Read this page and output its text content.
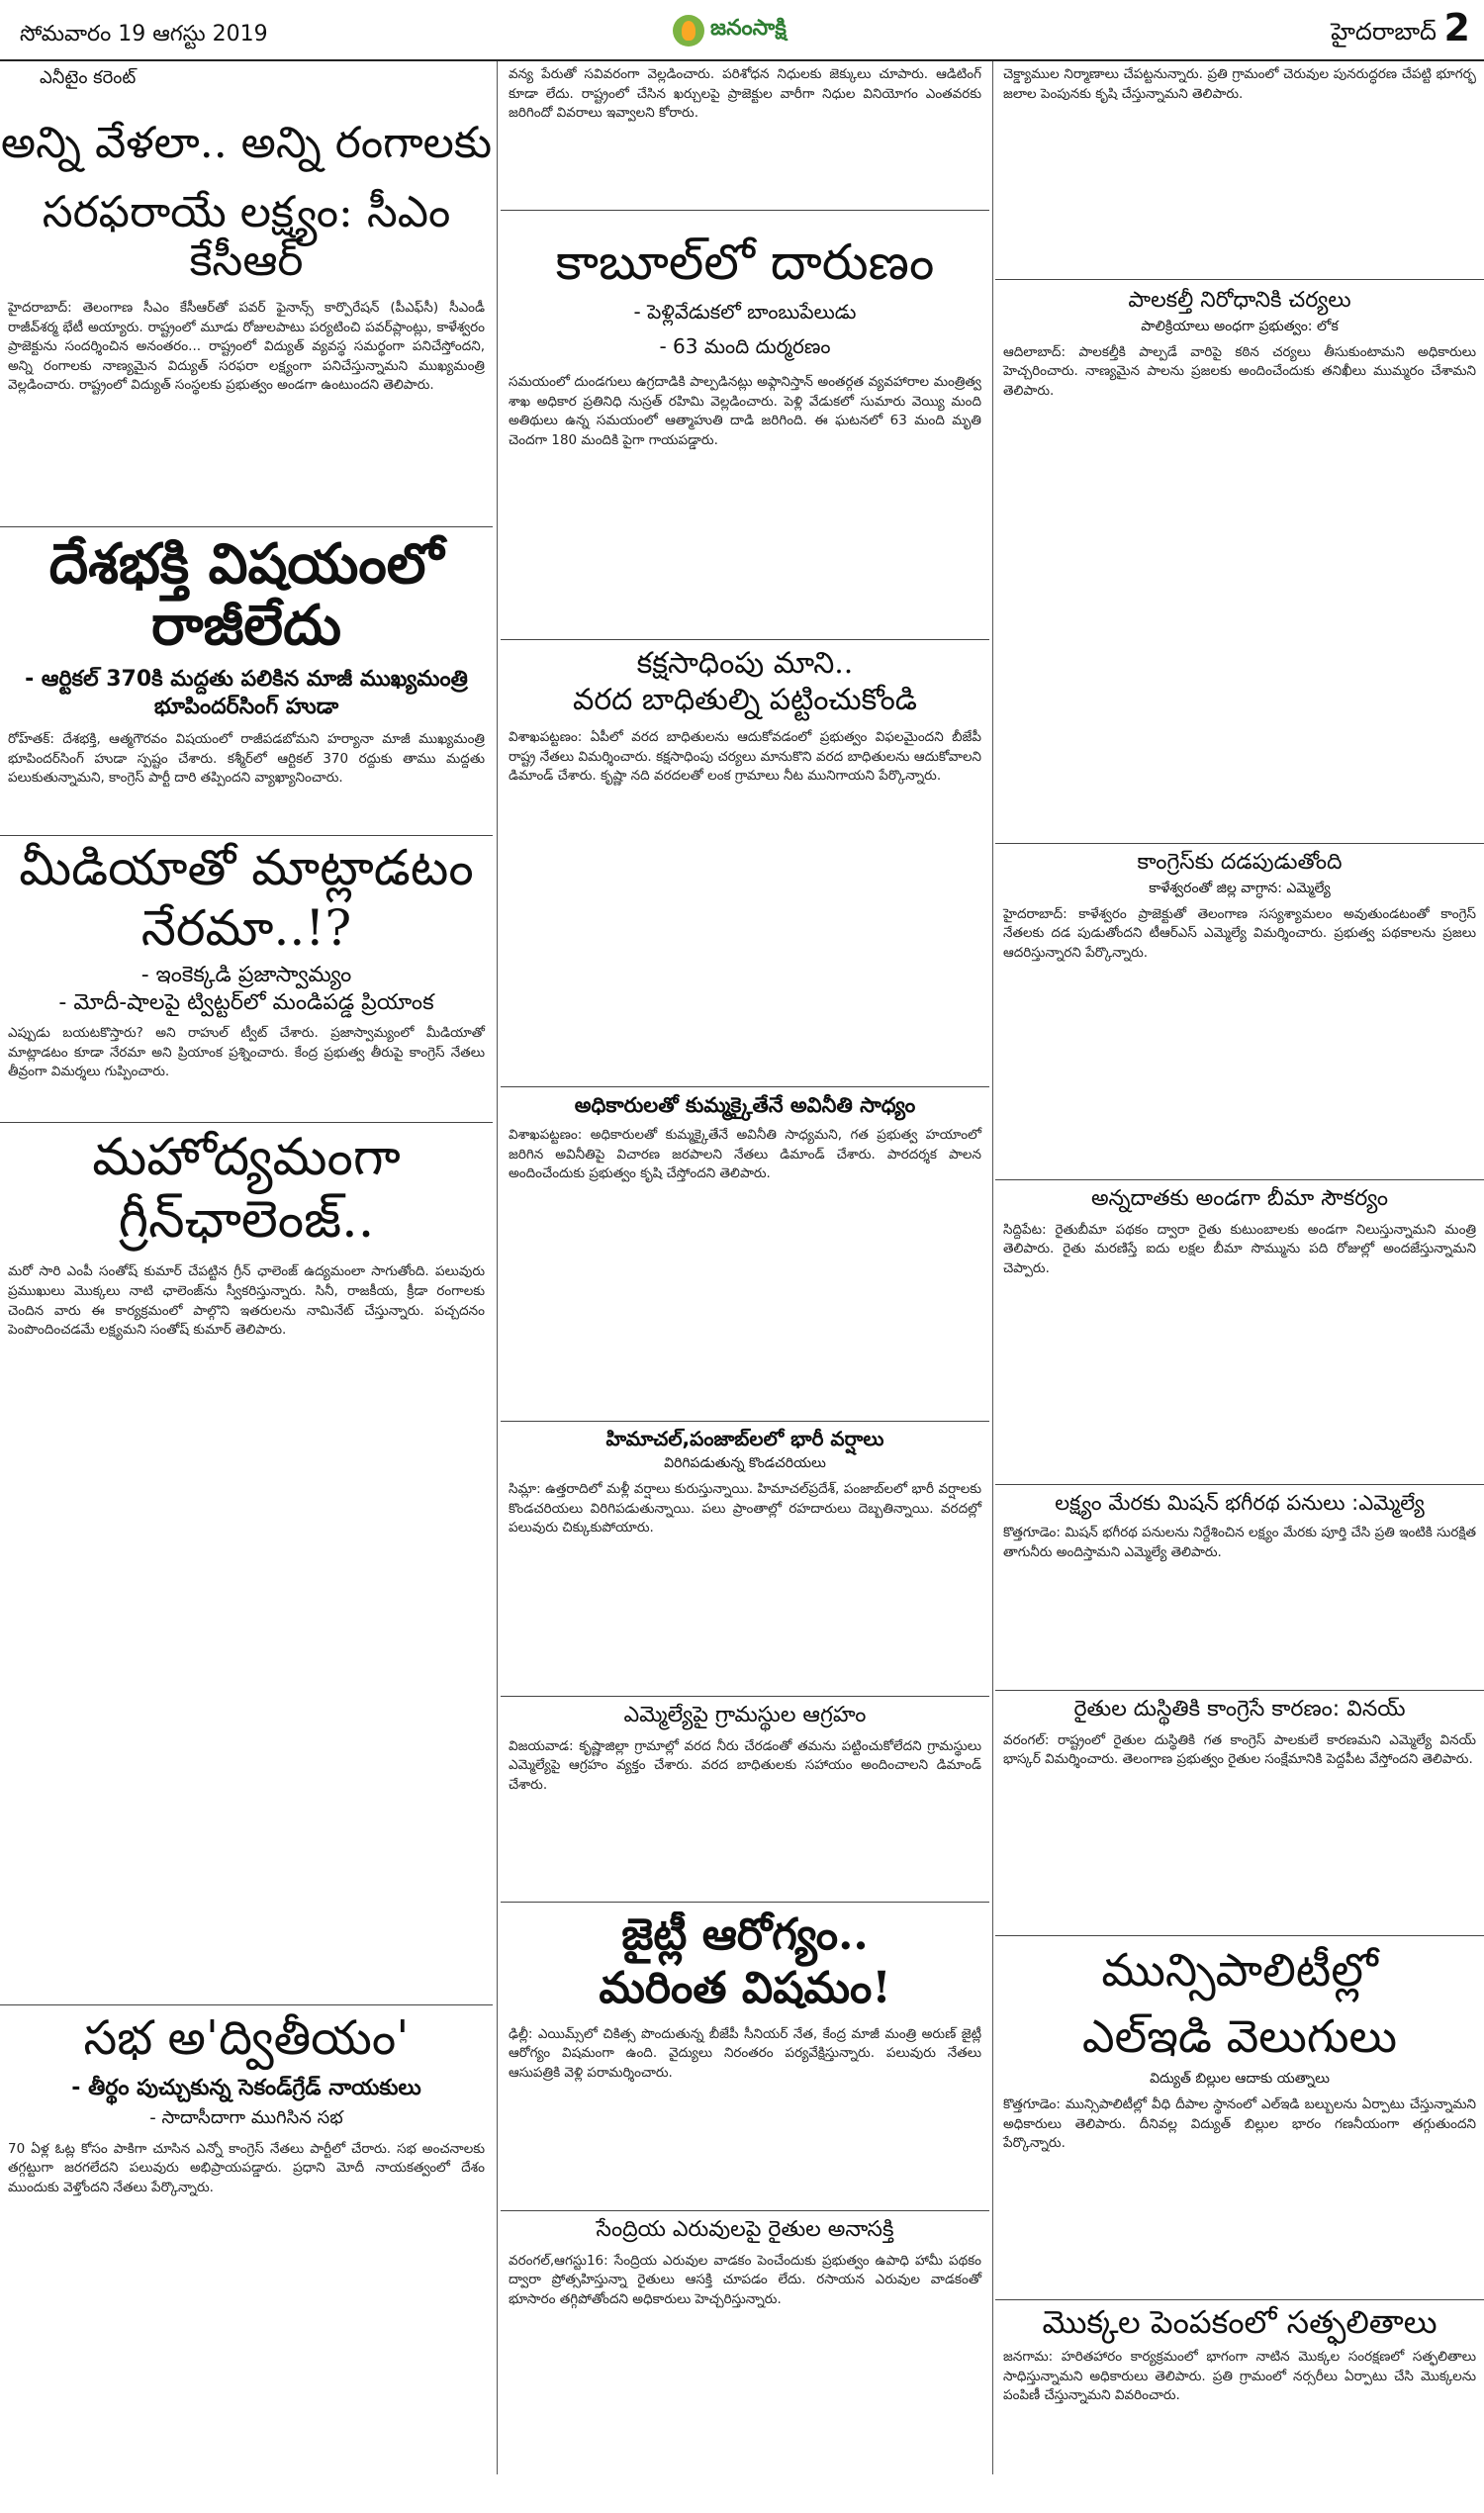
సోమవారం 19 ఆగస్టు 2019	జనంసాక్షి	హైదరాబాద్ 2
ఎనీటైం కరెంట్
అన్ని వేళలా.. అన్ని రంగాలకు
సరఫరాయే లక్ష్యం: సీఎం కేసీఆర్
హైదరాబాద్: తెలంగాణ సీఎం కేసీఆర్‌తో పవర్ ఫైనాన్స్ కార్పొరేషన్ (పీఎఫ్‌సీ) సీఎండీ రాజీవ్‌శర్మ భేటీ అయ్యారు. రాష్ట్రంలో మూడు రోజులపాటు పర్యటించి పవర్‌ప్లాంట్లు, కాళేశ్వరం ప్రాజెక్టును సందర్శించిన అనంతరం... రాష్ట్రంలో విద్యుత్ వ్యవస్థ సమర్థంగా పనిచేస్తోందని, అన్ని రంగాలకు నాణ్యమైన విద్యుత్ సరఫరా లక్ష్యంగా పనిచేస్తున్నామని ముఖ్యమంత్రి వెల్లడించారు. రాష్ట్రంలో విద్యుత్ సంస్థలకు ప్రభుత్వం అండగా ఉంటుందని తెలిపారు.
దేశభక్తి విషయంలో
రాజీలేదు
- ఆర్టికల్ 370కి మద్దతు పలికిన మాజీ ముఖ్యమంత్రి
భూపిందర్‌సింగ్ హుడా
రోహ్‌తక్: దేశభక్తి, ఆత్మగౌరవం విషయంలో రాజీపడబోమని హర్యానా మాజీ ముఖ్యమంత్రి భూపిందర్‌సింగ్ హుడా స్పష్టం చేశారు. కశ్మీర్‌లో ఆర్టికల్ 370 రద్దుకు తాము మద్దతు పలుకుతున్నామని, కాంగ్రెస్ పార్టీ దారి తప్పిందని వ్యాఖ్యానించారు.
మీడియాతో మాట్లాడటం
నేరమా..!?
- ఇంకెక్కడి ప్రజాస్వామ్యం
- మోదీ-షాలపై ట్విట్టర్‌లో మండిపడ్డ ప్రియాంక
ఎప్పుడు బయటకొస్తారు? అని రాహుల్ ట్వీట్ చేశారు. ప్రజాస్వామ్యంలో మీడియాతో మాట్లాడటం కూడా నేరమా అని ప్రియాంక ప్రశ్నించారు. కేంద్ర ప్రభుత్వ తీరుపై కాంగ్రెస్ నేతలు తీవ్రంగా విమర్శలు గుప్పించారు.
మహోద్యమంగా
గ్రీన్‌ఛాలెంజ్..
మరో సారి ఎంపీ సంతోష్ కుమార్ చేపట్టిన గ్రీన్ ఛాలెంజ్ ఉద్యమంలా సాగుతోంది. పలువురు ప్రముఖులు మొక్కలు నాటి ఛాలెంజ్‌ను స్వీకరిస్తున్నారు. సినీ, రాజకీయ, క్రీడా రంగాలకు చెందిన వారు ఈ కార్యక్రమంలో పాల్గొని ఇతరులను నామినేట్ చేస్తున్నారు. పచ్చదనం పెంపొందించడమే లక్ష్యమని సంతోష్ కుమార్ తెలిపారు.
సభ అ'ద్వితీయం'
- తీర్థం పుచ్చుకున్న సెకండ్‌గ్రేడ్ నాయకులు
- సాదాసీదాగా ముగిసిన సభ
70 ఏళ్ల ఓట్ల కోసం పాకిగా చూసిన ఎన్నో కాంగ్రెస్ నేతలు పార్టీలో చేరారు. సభ అంచనాలకు తగ్గట్టుగా జరగలేదని పలువురు అభిప్రాయపడ్డారు. ప్రధాని మోదీ నాయకత్వంలో దేశం ముందుకు వెళ్తోందని నేతలు పేర్కొన్నారు.
వన్య పేరుతో సవివరంగా వెల్లడించారు. పరిశోధన నిధులకు జెక్కులు చూపారు. ఆడిటింగ్ కూడా లేదు. రాష్ట్రంలో చేసిన ఖర్చులపై ప్రాజెక్టుల వారీగా నిధుల వినియోగం ఎంతవరకు జరిగిందో వివరాలు ఇవ్వాలని కోరారు.
కాబూల్‌లో దారుణం
- పెళ్లివేడుకలో బాంబుపేలుడు
- 63 మంది దుర్మరణం
సమయంలో దుండగులు ఉగ్రదాడికి పాల్పడినట్లు అఫ్గానిస్తాన్ అంతర్గత వ్యవహారాల మంత్రిత్వ శాఖ అధికార ప్రతినిధి నుస్రత్ రహిమి వెల్లడించారు. పెళ్లి వేడుకలో సుమారు వెయ్యి మంది అతిథులు ఉన్న సమయంలో ఆత్మాహుతి దాడి జరిగింది. ఈ ఘటనలో 63 మంది మృతి చెందగా 180 మందికి పైగా గాయపడ్డారు.
కక్షసాధింపు మాని..
వరద బాధితుల్ని పట్టించుకోండి
విశాఖపట్టణం: ఏపీలో వరద బాధితులను ఆదుకోవడంలో ప్రభుత్వం విఫలమైందని బీజేపీ రాష్ట్ర నేతలు విమర్శించారు. కక్షసాధింపు చర్యలు మానుకొని వరద బాధితులను ఆదుకోవాలని డిమాండ్ చేశారు. కృష్ణా నది వరదలతో లంక గ్రామాలు నీట మునిగాయని పేర్కొన్నారు.
అధికారులతో కుమ్మక్కైతేనే అవినీతి సాధ్యం
విశాఖపట్టణం: అధికారులతో కుమ్మక్కైతేనే అవినీతి సాధ్యమని, గత ప్రభుత్వ హయాంలో జరిగిన అవినీతిపై విచారణ జరపాలని నేతలు డిమాండ్ చేశారు. పారదర్శక పాలన అందించేందుకు ప్రభుత్వం కృషి చేస్తోందని తెలిపారు.
హిమాచల్,పంజాబ్‌లలో భారీ వర్షాలు
విరిగిపడుతున్న కొండచరియలు
సిమ్లా: ఉత్తరాదిలో మళ్లీ వర్షాలు కురుస్తున్నాయి. హిమాచల్‌ప్రదేశ్, పంజాబ్‌లలో భారీ వర్షాలకు కొండచరియలు విరిగిపడుతున్నాయి. పలు ప్రాంతాల్లో రహదారులు దెబ్బతిన్నాయి. వరదల్లో పలువురు చిక్కుకుపోయారు.
ఎమ్మెల్యేపై గ్రామస్థుల ఆగ్రహం
విజయవాడ: కృష్ణాజిల్లా గ్రామాల్లో వరద నీరు చేరడంతో తమను పట్టించుకోలేదని గ్రామస్థులు ఎమ్మెల్యేపై ఆగ్రహం వ్యక్తం చేశారు. వరద బాధితులకు సహాయం అందించాలని డిమాండ్ చేశారు.
జైట్లీ ఆరోగ్యం..
మరింత విషమం!
ఢిల్లీ: ఎయిమ్స్‌లో చికిత్స పొందుతున్న బీజేపీ సీనియర్ నేత, కేంద్ర మాజీ మంత్రి అరుణ్ జైట్లీ ఆరోగ్యం విషమంగా ఉంది. వైద్యులు నిరంతరం పర్యవేక్షిస్తున్నారు. పలువురు నేతలు ఆసుపత్రికి వెళ్లి పరామర్శించారు.
సేంద్రియ ఎరువులపై రైతుల అనాసక్తి
వరంగల్,ఆగస్టు16: సేంద్రియ ఎరువుల వాడకం పెంచేందుకు ప్రభుత్వం ఉపాధి హామీ పథకం ద్వారా ప్రోత్సహిస్తున్నా రైతులు ఆసక్తి చూపడం లేదు. రసాయన ఎరువుల వాడకంతో భూసారం తగ్గిపోతోందని అధికారులు హెచ్చరిస్తున్నారు.
చెక్డ్యాముల నిర్మాణాలు చేపట్టనున్నారు. ప్రతి గ్రామంలో చెరువుల పునరుద్ధరణ చేపట్టి భూగర్భ జలాల పెంపునకు కృషి చేస్తున్నామని తెలిపారు.
పాలకల్తీ నిరోధానికి చర్యలు
పాలిక్రియాలు అంధగా ప్రభుత్వం: లోక
ఆదిలాబాద్: పాలకల్తీకి పాల్పడే వారిపై కఠిన చర్యలు తీసుకుంటామని అధికారులు హెచ్చరించారు. నాణ్యమైన పాలను ప్రజలకు అందించేందుకు తనిఖీలు ముమ్మరం చేశామని తెలిపారు.
కాంగ్రెస్‌కు దడపుడుతోంది
కాళేశ్వరంతో జిల్ల వాగ్ధాన: ఎమ్మెల్యే
హైదరాబాద్: కాళేశ్వరం ప్రాజెక్టుతో తెలంగాణ సస్యశ్యామలం అవుతుండటంతో కాంగ్రెస్ నేతలకు దడ పుడుతోందని టీఆర్ఎస్ ఎమ్మెల్యే విమర్శించారు. ప్రభుత్వ పథకాలను ప్రజలు ఆదరిస్తున్నారని పేర్కొన్నారు.
అన్నదాతకు అండగా బీమా సౌకర్యం
సిద్దిపేట: రైతుబీమా పథకం ద్వారా రైతు కుటుంబాలకు అండగా నిలుస్తున్నామని మంత్రి తెలిపారు. రైతు మరణిస్తే ఐదు లక్షల బీమా సొమ్మును పది రోజుల్లో అందజేస్తున్నామని చెప్పారు.
లక్ష్యం మేరకు మిషన్ భగీరథ పనులు :ఎమ్మెల్యే
కొత్తగూడెం: మిషన్ భగీరథ పనులను నిర్దేశించిన లక్ష్యం మేరకు పూర్తి చేసి ప్రతి ఇంటికి సురక్షిత తాగునీరు అందిస్తామని ఎమ్మెల్యే తెలిపారు.
రైతుల దుస్థితికి కాంగ్రెసే కారణం: వినయ్
వరంగల్: రాష్ట్రంలో రైతుల దుస్థితికి గత కాంగ్రెస్ పాలకులే కారణమని ఎమ్మెల్యే వినయ్ భాస్కర్ విమర్శించారు. తెలంగాణ ప్రభుత్వం రైతుల సంక్షేమానికి పెద్దపీట వేస్తోందని తెలిపారు.
మున్సిపాలిటీల్లో
ఎల్ఇడి వెలుగులు
విద్యుత్ బిల్లుల ఆదాకు యత్నాలు
కొత్తగూడెం: మున్సిపాలిటీల్లో వీధి దీపాల స్థానంలో ఎల్ఇడి బల్బులను ఏర్పాటు చేస్తున్నామని అధికారులు తెలిపారు. దీనివల్ల విద్యుత్ బిల్లుల భారం గణనీయంగా తగ్గుతుందని పేర్కొన్నారు.
మొక్కల పెంపకంలో సత్ఫలితాలు
జనగామ: హరితహారం కార్యక్రమంలో భాగంగా నాటిన మొక్కల సంరక్షణలో సత్ఫలితాలు సాధిస్తున్నామని అధికారులు తెలిపారు. ప్రతి గ్రామంలో నర్సరీలు ఏర్పాటు చేసి మొక్కలను పంపిణీ చేస్తున్నామని వివరించారు.
